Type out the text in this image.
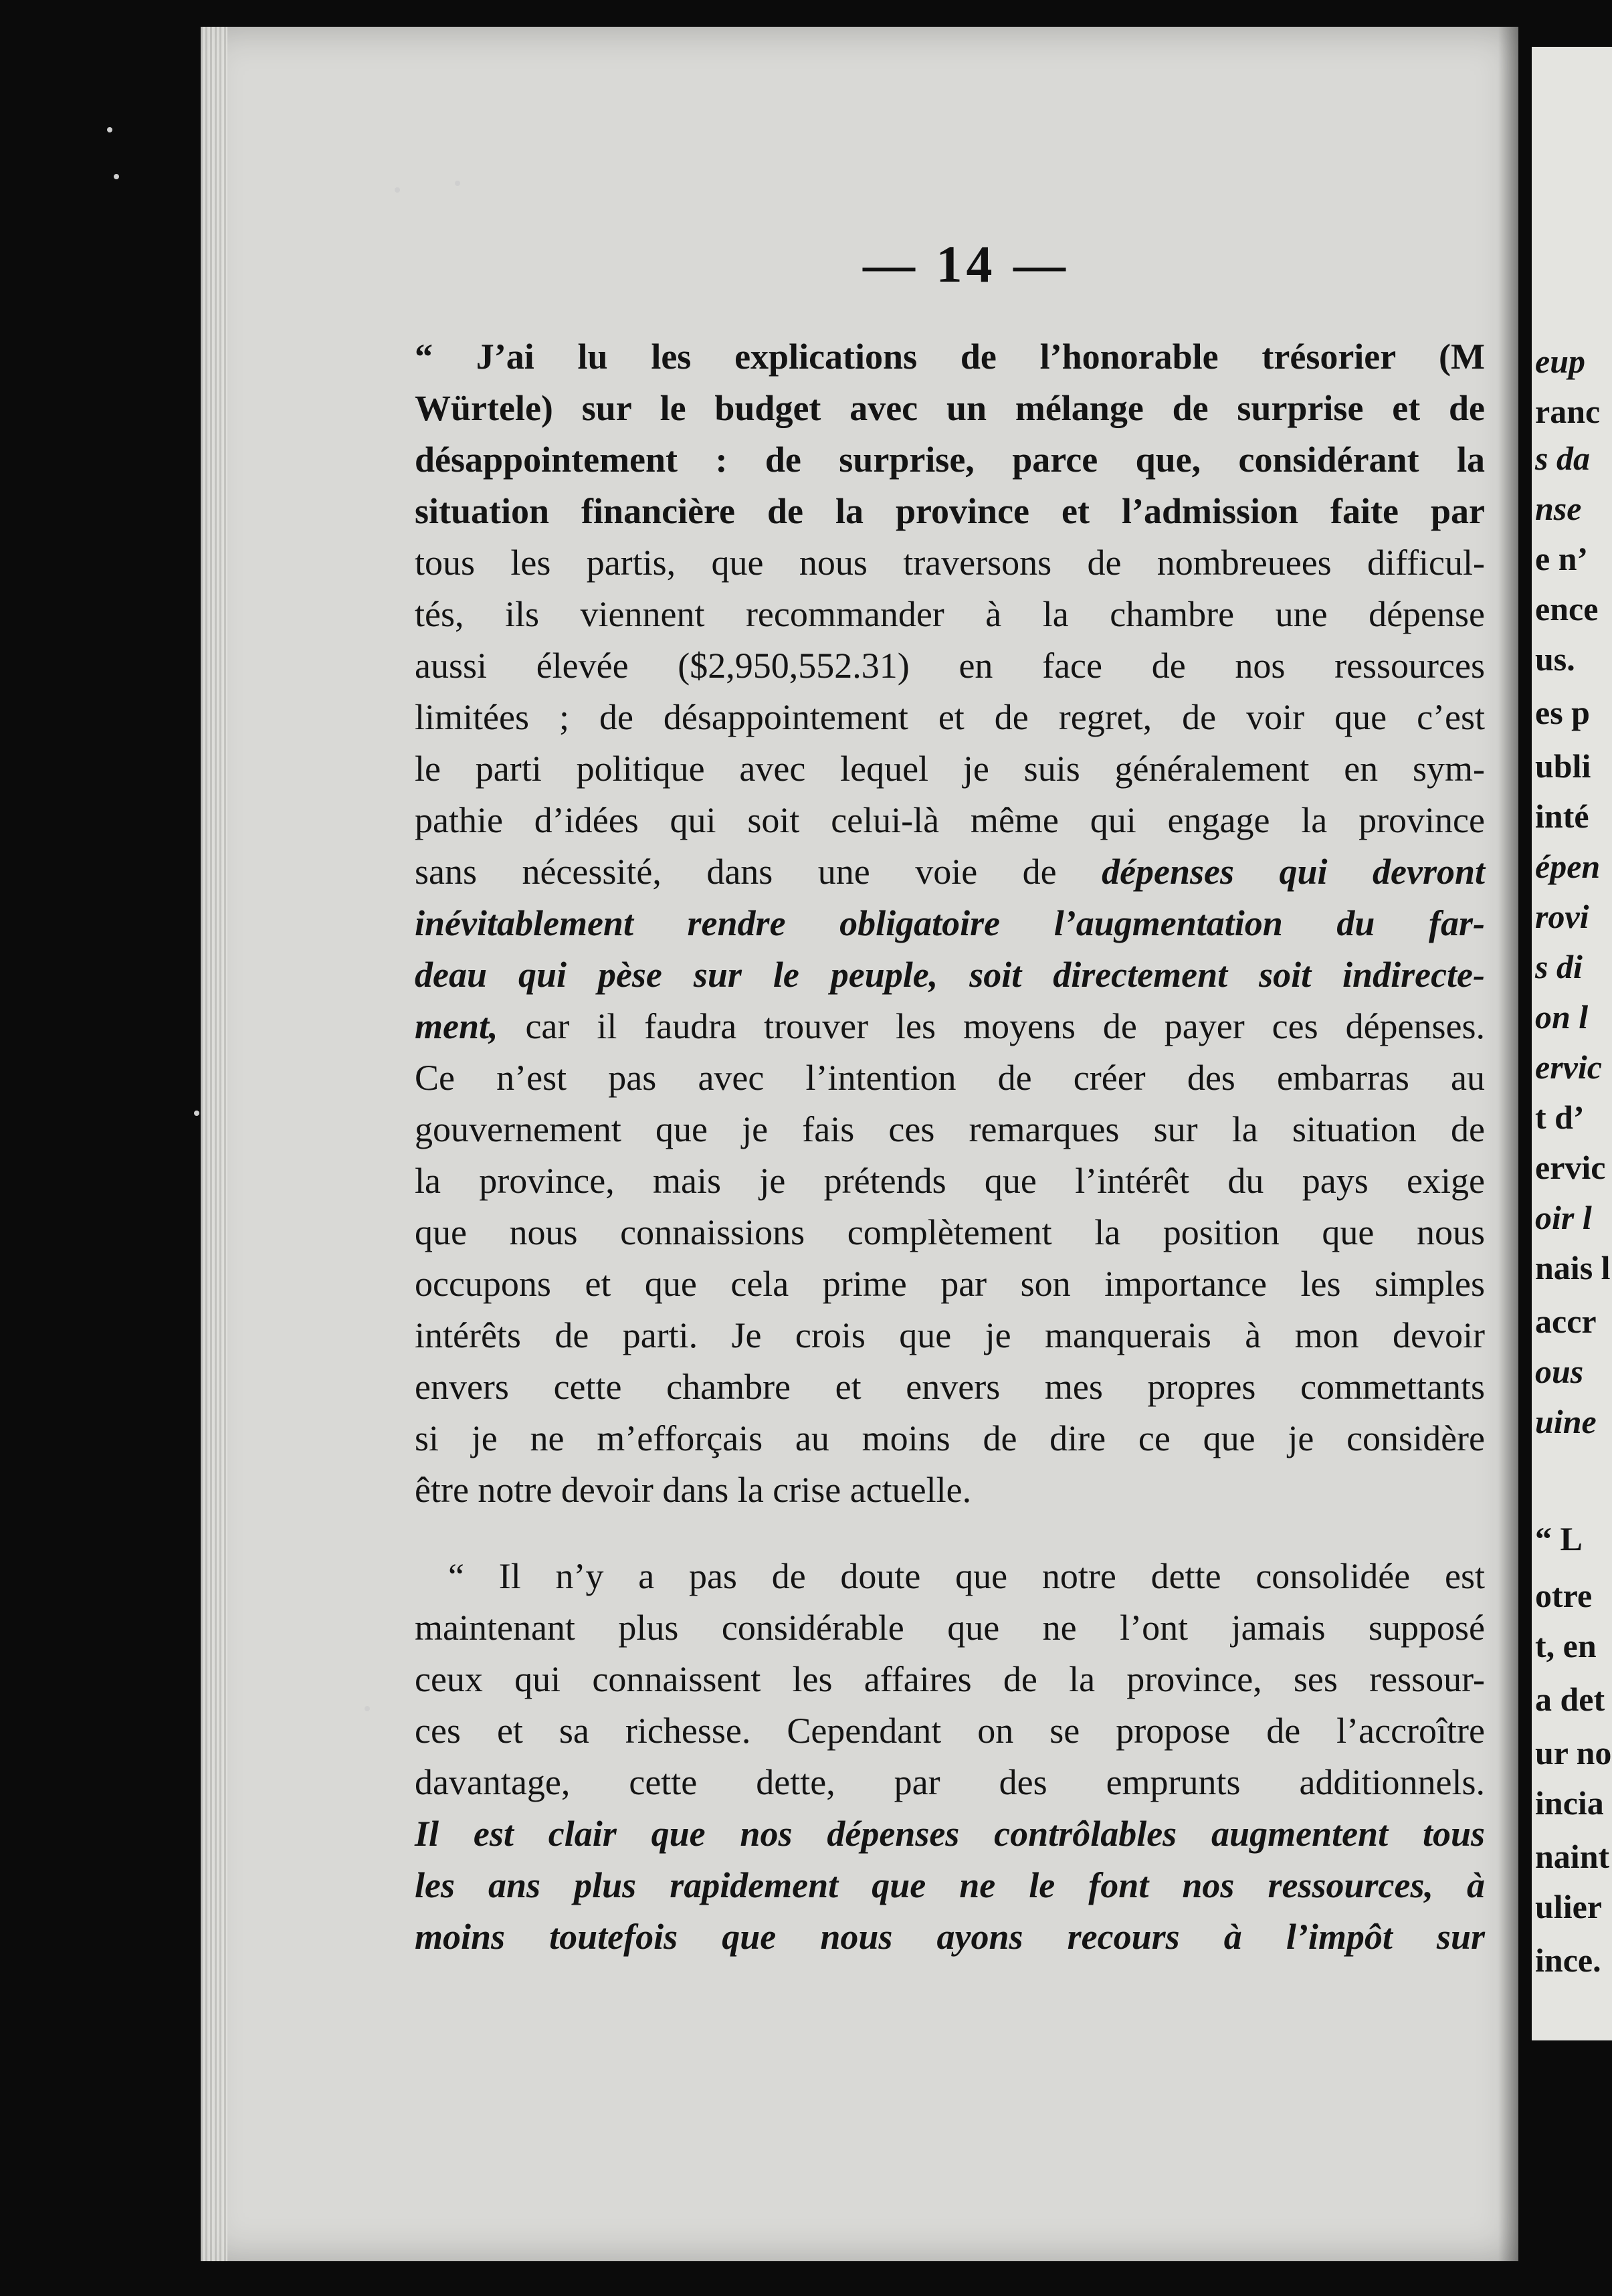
— 14 —
“ J’ai lu les explications de l’honorable trésorier (M
Würtele) sur le budget avec un mélange de surprise et de
désappointement : de surprise, parce que, considérant la
situation financière de la province et l’admission faite par
tous les partis, que nous traversons de nombreuees difficul-
tés, ils viennent recommander à la chambre une dépense
aussi élevée ($2,950,552.31) en face de nos ressources
limitées ; de désappointement et de regret, de voir que c’est
le parti politique avec lequel je suis généralement en sym-
pathie d’idées qui soit celui-là même qui engage la province
sans nécessité, dans une voie de dépenses qui devront
inévitablement rendre obligatoire l’augmentation du far-
deau qui pèse sur le peuple, soit directement soit indirecte-
ment, car il faudra trouver les moyens de payer ces dépenses.
Ce n’est pas avec l’intention de créer des embarras au
gouvernement que je fais ces remarques sur la situation de
la province, mais je prétends que l’intérêt du pays exige
que nous connaissions complètement la position que nous
occupons et que cela prime par son importance les simples
intérêts de parti. Je crois que je manquerais à mon devoir
envers cette chambre et envers mes propres commettants
si je ne m’efforçais au moins de dire ce que je considère
être notre devoir dans la crise actuelle.
“ Il n’y a pas de doute que notre dette consolidée est
maintenant plus considérable que ne l’ont jamais supposé
ceux qui connaissent les affaires de la province, ses ressour-
ces et sa richesse. Cependant on se propose de l’accroître
davantage, cette dette, par des emprunts additionnels.
Il est clair que nos dépenses contrôlables augmentent tous
les ans plus rapidement que ne le font nos ressources, à
moins toutefois que nous ayons recours à l’impôt sur
eup
ranc
s da
nse
e n’
ence
us.
es p
ubli
inté
épen
rovi
s di
on l
ervic
t d’
ervic
oir l
nais l
accr
ous
uine
“ L
otre
t, en
a det
ur no
incia
naint
ulier
ince.
